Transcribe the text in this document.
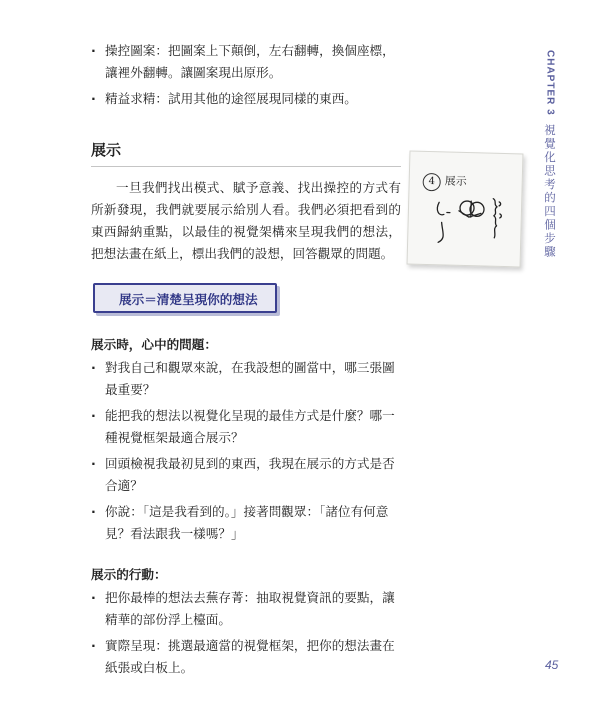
· 操控圖案：把圖案上下顛倒，左右翻轉，換個座標，讓裡外翻轉。讓圖案現出原形。
· 精益求精：試用其他的途徑展現同樣的東西。
展示
一旦我們找出模式、賦予意義、找出操控的方式有所新發現，我們就要展示給別人看。我們必須把看到的東西歸納重點，以最佳的視覺架構來呈現我們的想法，把想法畫在紙上，標出我們的設想，回答觀眾的問題。
展示＝清楚呈現你的想法
展示時，心中的問題：
· 對我自己和觀眾來說，在我設想的圖當中，哪三張圖最重要？
· 能把我的想法以視覺化呈現的最佳方式是什麼？哪一種視覺框架最適合展示？
· 回頭檢視我最初見到的東西，我現在展示的方式是否合適？
· 你說：「這是我看到的。」接著問觀眾：「諸位有何意見？看法跟我一樣嗎？」
展示的行動：
· 把你最棒的想法去蕪存菁：抽取視覺資訊的要點，讓精華的部份浮上檯面。
· 實際呈現：挑選最適當的視覺框架，把你的想法畫在紙張或白板上。
CHAPTER 3
視覺化思考的四個步驟
4 展示
45
